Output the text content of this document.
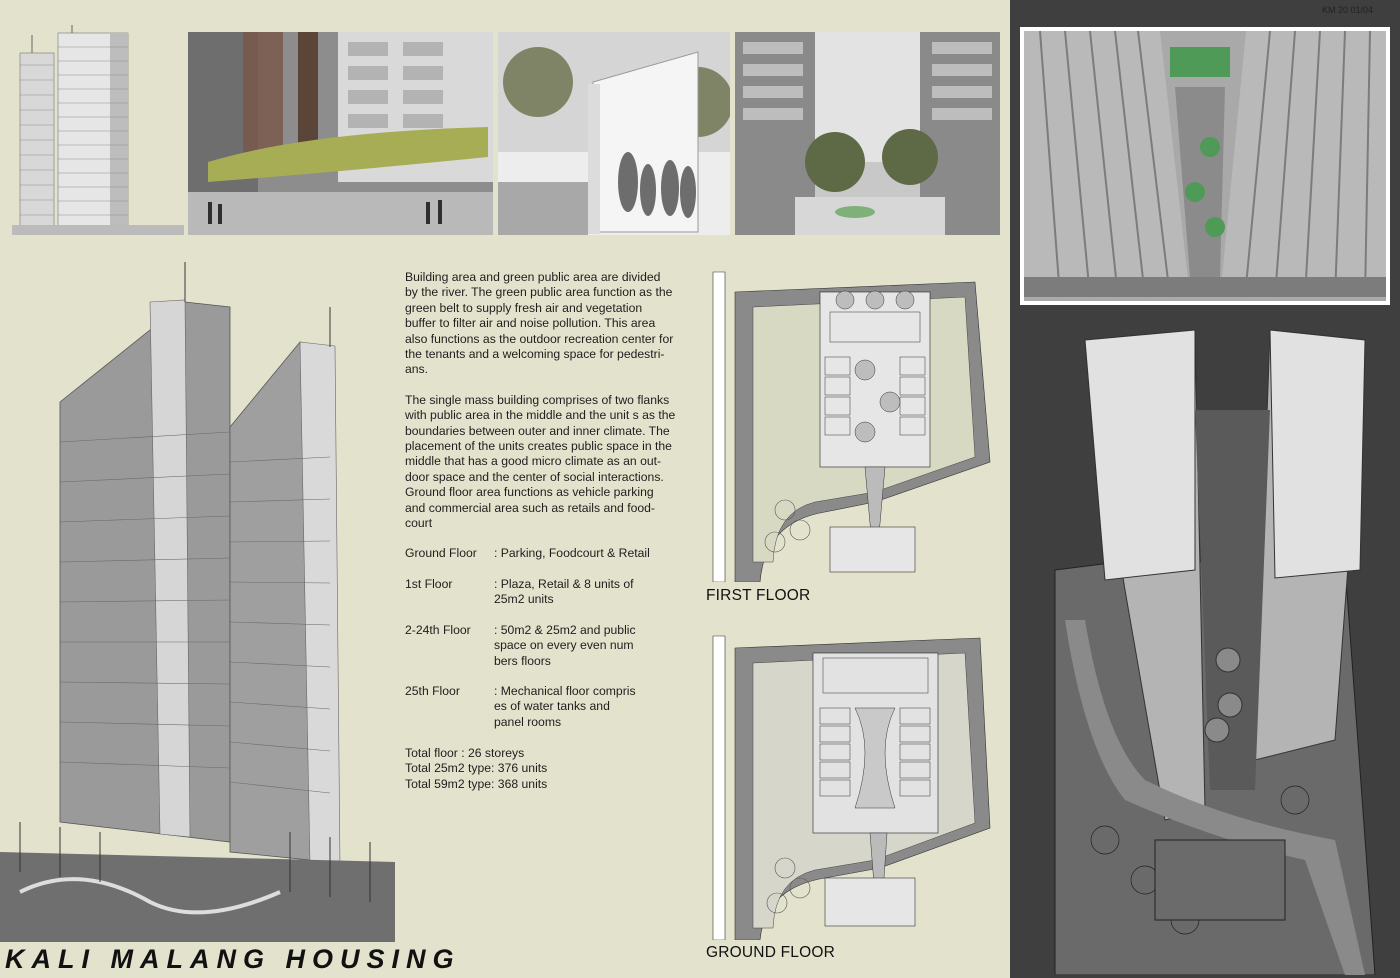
KM 20 01/04

Building area and green public area are divided
by the river. The green public area function as the
green belt to supply fresh air and vegetation
buffer to filter air and noise pollution. This area
also functions as the outdoor recreation center for
the tenants and a welcoming space for pedestri-
ans.

The single mass building comprises of two flanks
with public area in the middle and the unit s as the
boundaries between outer and inner climate. The
placement of the units creates public space in the
middle that has a good micro climate as an out-
door space and the center of social interactions.
Ground floor area functions as vehicle parking
and commercial area such as retails and food-
court

Ground Floor : Parking, Foodcourt & Retail
1st Floor	: Plaza, Retail & 8 units of
25m2 units
2-24th Floor : 50m2 & 25m2 and public
space on every even num
bers floors
25th Floor	: Mechanical floor compris
es of water tanks and
panel rooms
Total floor : 26 storeys
Total 25m2 type: 376 units
Total 59m2 type: 368 units
FIRST FLOOR
GROUND FLOOR
KALI MALANG HOUSING
